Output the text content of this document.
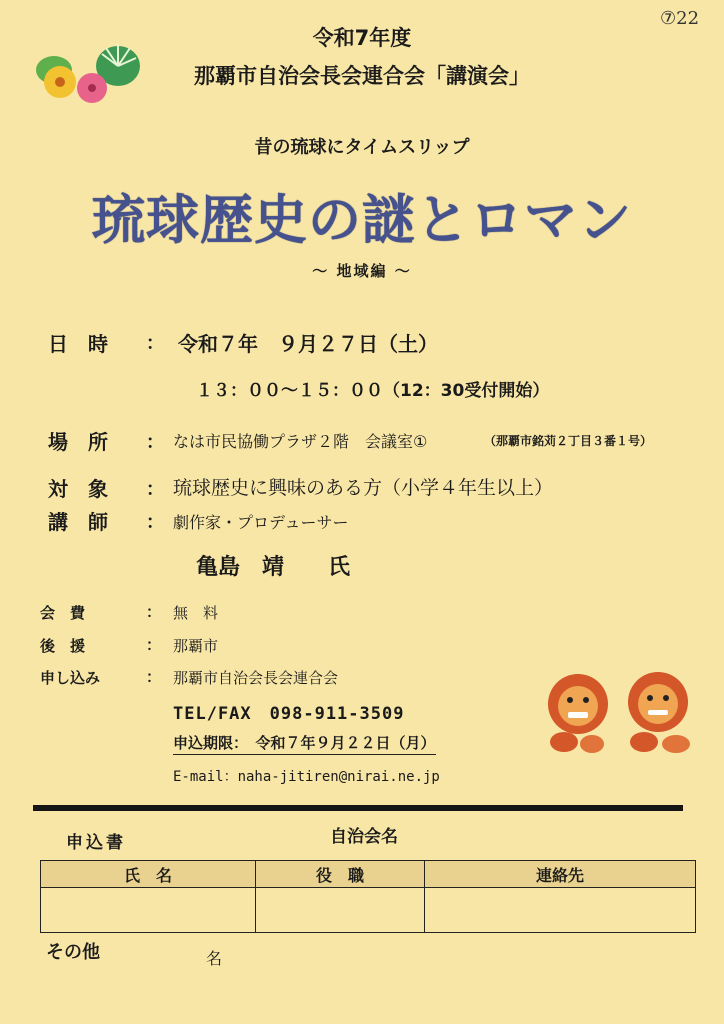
⑦22
令和7年度
那覇市自治会長会連合会「講演会」
昔の琉球にタイムスリップ
琉球歴史の謎とロマン
〜 地域編 〜
日　時	： 令和７年　９月２７日（土）
１３：００〜１５：００（12：30受付開始）
場　所 ： なは市民協働プラザ２階　会議室①	（那覇市銘苅２丁目３番１号）
対　象 ： 琉球歴史に興味のある方（小学４年生以上）
講　師 ： 劇作家・プロデューサー
亀島　靖　　氏
会　費	： 無　料
後　援	： 那覇市
申し込み	： 那覇市自治会長会連合会
TEL/FAX　098-911-3509
申込期限：　令和７年９月２２日（月）
E-mail：naha-jitiren@nirai.ne.jp
申込書	自治会名
氏　名	役　職	連絡先

その他	名
